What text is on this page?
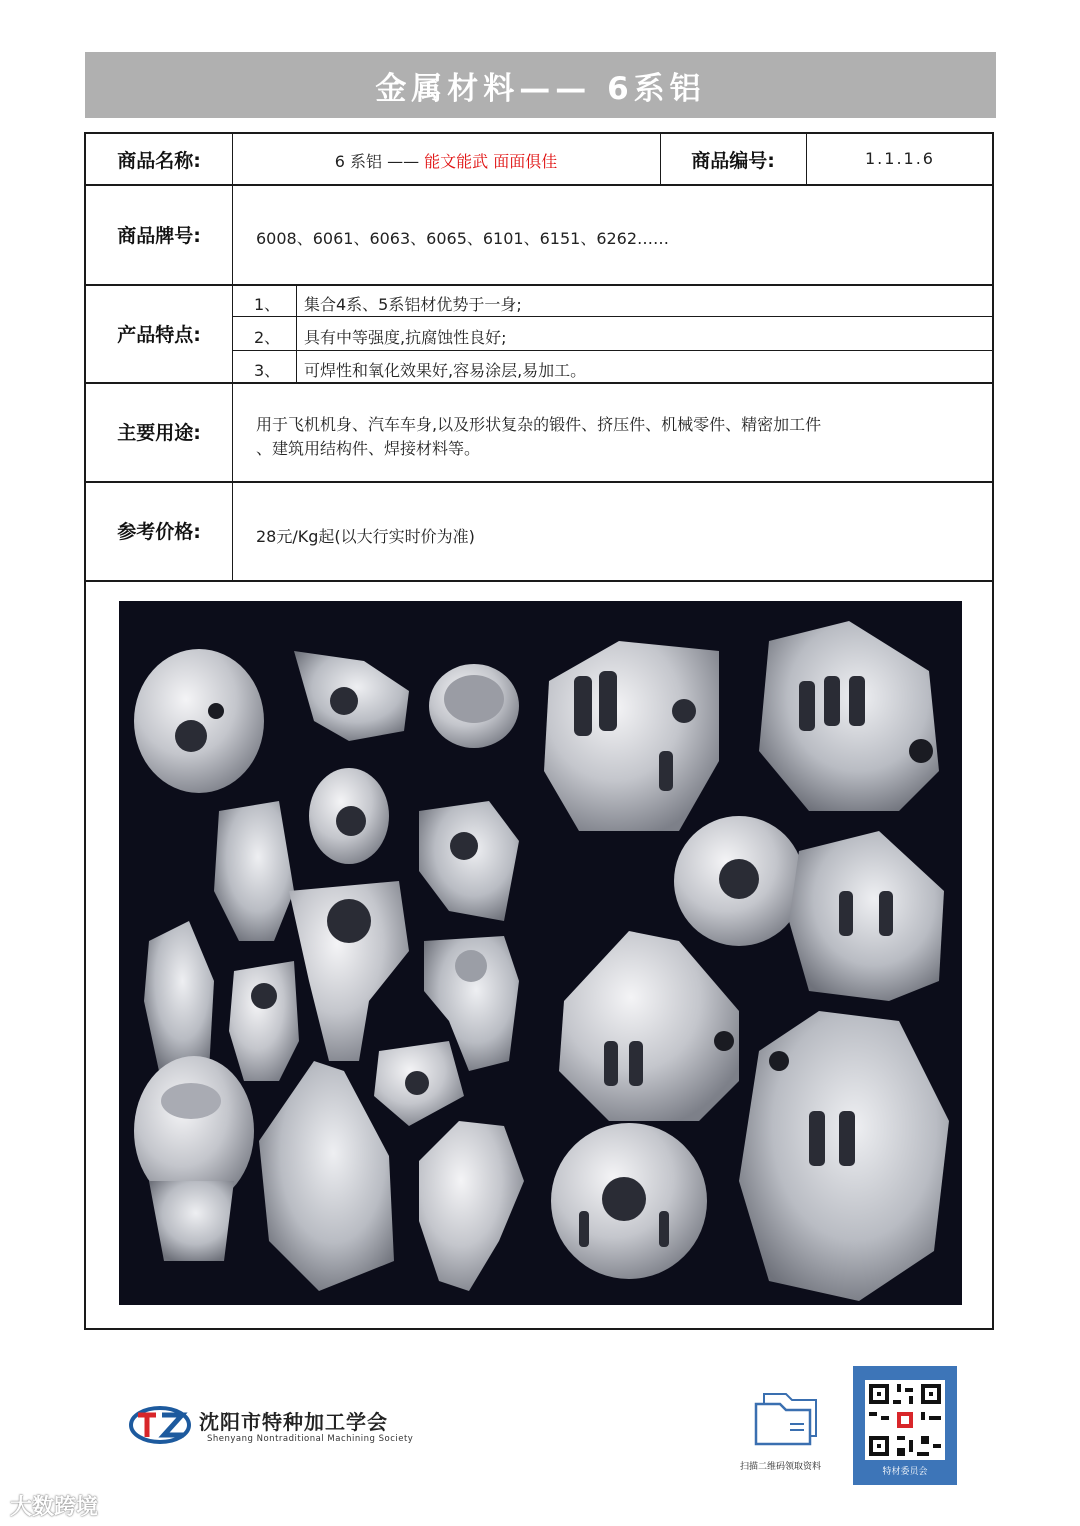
金属材料—— 6系铝
商品名称:	6 系铝 —— 能文能武 面面俱佳	商品编号:	1.1.1.6
商品牌号:	6008、6061、6063、6065、6101、6151、6262……
产品特点:
1、 集合4系、5系铝材优势于一身;
2、 具有中等强度,抗腐蚀性良好;
3、 可焊性和氧化效果好,容易涂层,易加工。
主要用途:	用于飞机机身、汽车车身,以及形状复杂的锻件、挤压件、机械零件、精密加工件
、建筑用结构件、焊接材料等。
参考价格:	28元/Kg起(以大行实时价为准)
沈阳市特种加工学会
Shenyang Nontraditional Machining Society
扫描二维码领取资料	特材委员会
大数跨境
